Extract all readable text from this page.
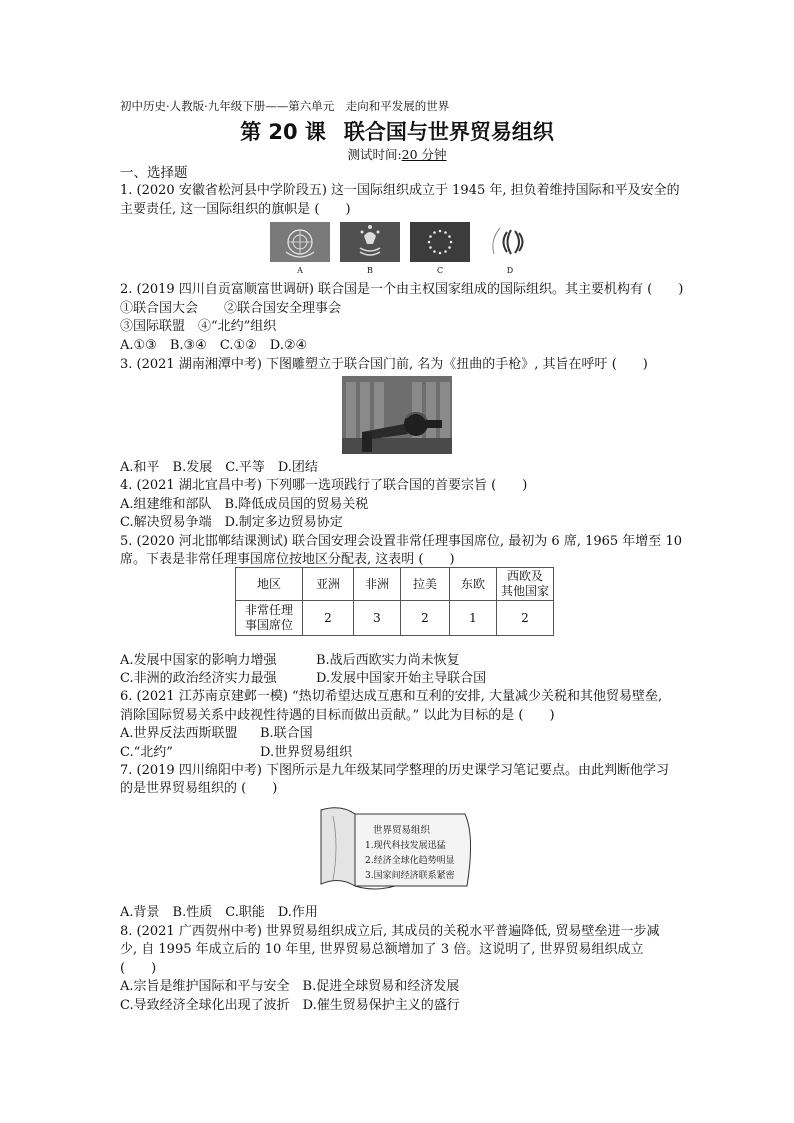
初中历史·人教版·九年级下册——第六单元　走向和平发展的世界
第 20 课 联合国与世界贸易组织
测试时间:20 分钟
一、选择题
1. (2020 安徽省松河县中学阶段五) 这一国际组织成立于 1945 年, 担负着维持国际和平及安全的
主要责任, 这一国际组织的旗帜是 (　　)
A	B	C	D
2. (2019 四川自贡富顺富世调研) 联合国是一个由主权国家组成的国际组织。其主要机构有 (　　)
①联合国大会　　②联合国安全理事会
③国际联盟　④“北约”组织
A.①③　B.③④　C.①②　D.②④
3. (2021 湖南湘潭中考) 下图雕塑立于联合国门前, 名为《扭曲的手枪》, 其旨在呼吁 (　　)
A.和平　B.发展　C.平等　D.团结
4. (2021 湖北宜昌中考) 下列哪一选项践行了联合国的首要宗旨 (　　)
A.组建维和部队　B.降低成员国的贸易关税
C.解决贸易争端　D.制定多边贸易协定
5. (2020 河北邯郸结课测试) 联合国安理会设置非常任理事国席位, 最初为 6 席, 1965 年增至 10
席。下表是非常任理事国席位按地区分配表, 这表明 (　　)
地区	亚洲	非洲	拉美	东欧	西欧及
其他国家

非常任理
事国席位	2	3	2	1	2
A.发展中国家的影响力增强	B.战后西欧实力尚未恢复
C.非洲的政治经济实力最强	D.发展中国家开始主导联合国
6. (2021 江苏南京建邺一模) “热切希望达成互惠和互利的安排, 大量减少关税和其他贸易壁垒,
消除国际贸易关系中歧视性待遇的目标而做出贡献。” 以此为目标的是 (　　)
A.世界反法西斯联盟 B.联合国
C.“北约”	D.世界贸易组织
7. (2019 四川绵阳中考) 下图所示是九年级某同学整理的历史课学习笔记要点。由此判断他学习
的是世界贸易组织的 (　　)
世界贸易组织
1.现代科技发展迅猛
2.经济全球化趋势明显
3.国家间经济联系紧密
A.背景　B.性质　C.职能　D.作用
8. (2021 广西贺州中考) 世界贸易组织成立后, 其成员的关税水平普遍降低, 贸易壁垒进一步减
少, 自 1995 年成立后的 10 年里, 世界贸易总额增加了 3 倍。这说明了, 世界贸易组织成立
(　　)
A.宗旨是维护国际和平与安全　B.促进全球贸易和经济发展
C.导致经济全球化出现了波折　D.催生贸易保护主义的盛行
